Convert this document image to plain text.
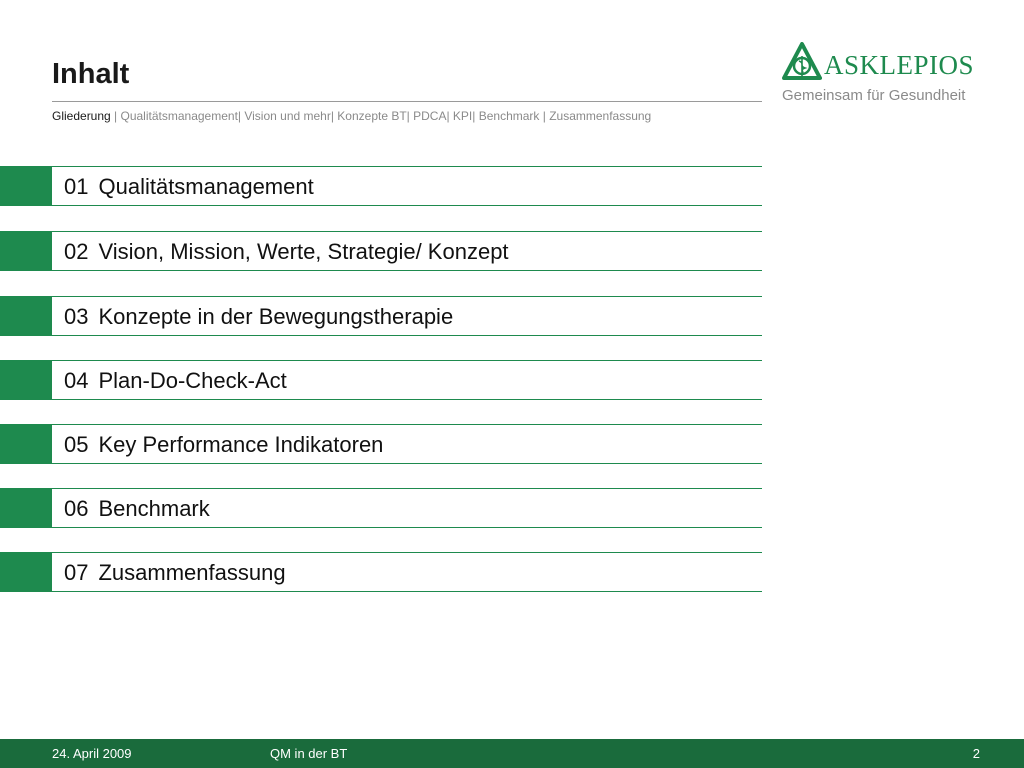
Inhalt
Gliederung | Qualitätsmanagement| Vision und mehr| Konzepte BT| PDCA| KPI| Benchmark | Zusammenfassung
ASKLEPIOS
Gemeinsam für Gesundheit
01 Qualitätsmanagement
02 Vision, Mission, Werte, Strategie/ Konzept
03 Konzepte in der Bewegungstherapie
04 Plan-Do-Check-Act
05 Key Performance Indikatoren
06 Benchmark
07 Zusammenfassung
24. April 2009	QM in der BT	2
